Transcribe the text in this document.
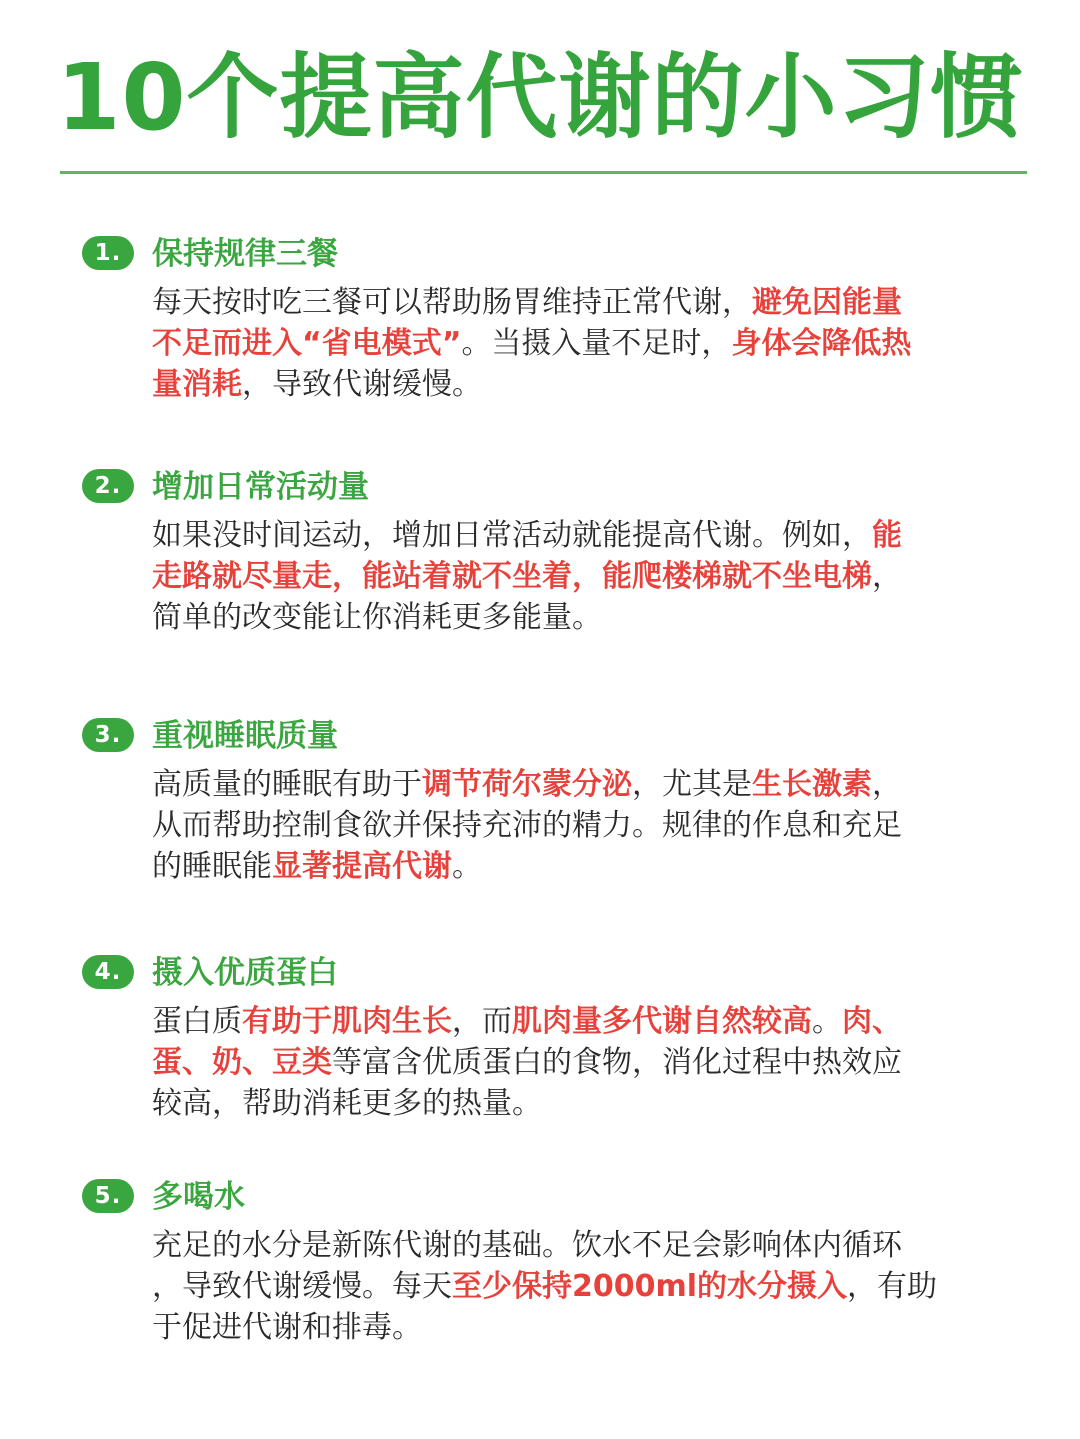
10个提高代谢的小习惯
1. 保持规律三餐
每天按时吃三餐可以帮助肠胃维持正常代谢，避免因能量
不足而进入“省电模式”。当摄入量不足时，身体会降低热
量消耗，导致代谢缓慢。
2. 增加日常活动量
如果没时间运动，增加日常活动就能提高代谢。例如，能
走路就尽量走，能站着就不坐着，能爬楼梯就不坐电梯，
简单的改变能让你消耗更多能量。
3. 重视睡眠质量
高质量的睡眠有助于调节荷尔蒙分泌，尤其是生长激素，
从而帮助控制食欲并保持充沛的精力。规律的作息和充足
的睡眠能显著提高代谢。
4. 摄入优质蛋白
蛋白质有助于肌肉生长，而肌肉量多代谢自然较高。肉、
蛋、奶、豆类等富含优质蛋白的食物，消化过程中热效应
较高，帮助消耗更多的热量。
5. 多喝水
充足的水分是新陈代谢的基础。饮水不足会影响体内循环
，导致代谢缓慢。每天至少保持2000ml的水分摄入，有助
于促进代谢和排毒。
